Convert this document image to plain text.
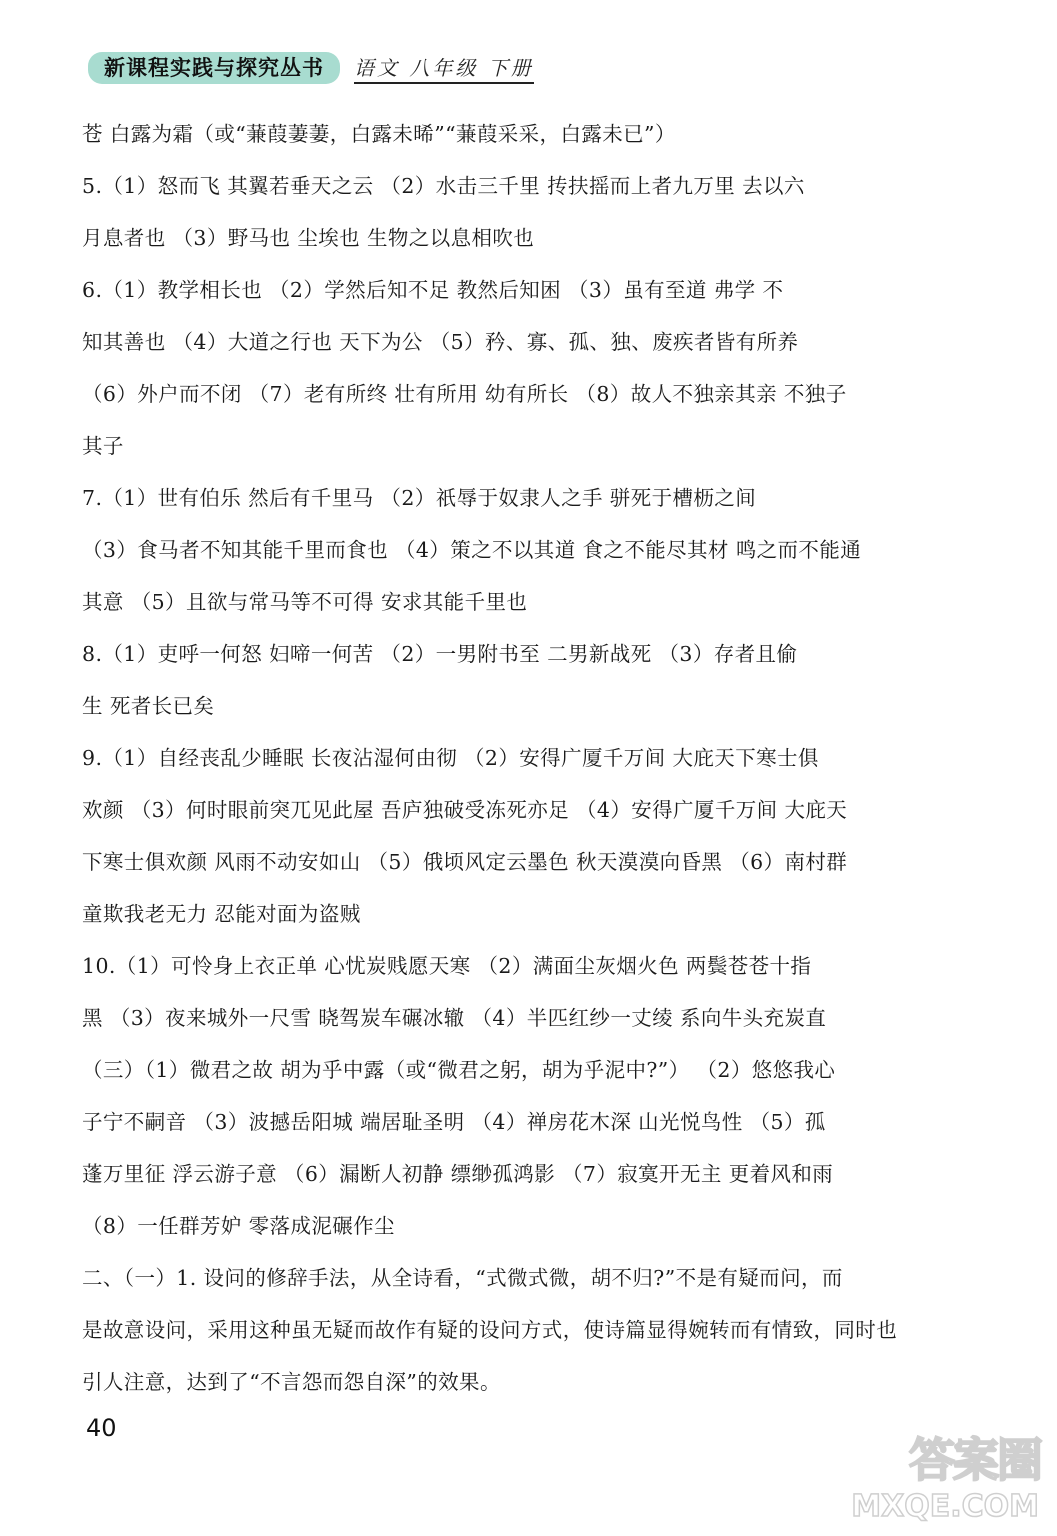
新课程实践与探究丛书	语文 八年级 下册
苍 白露为霜（或“蒹葭萋萋，白露未晞”“蒹葭采采，白露未已”）
5.（1）怒而飞 其翼若垂天之云 （2）水击三千里 抟扶摇而上者九万里 去以六
月息者也 （3）野马也 尘埃也 生物之以息相吹也
6.（1）教学相长也 （2）学然后知不足 教然后知困 （3）虽有至道 弗学 不
知其善也 （4）大道之行也 天下为公 （5）矜、寡、孤、独、废疾者皆有所养
（6）外户而不闭 （7）老有所终 壮有所用 幼有所长 （8）故人不独亲其亲 不独子
其子
7.（1）世有伯乐 然后有千里马 （2）祇辱于奴隶人之手 骈死于槽枥之间
（3）食马者不知其能千里而食也 （4）策之不以其道 食之不能尽其材 鸣之而不能通
其意 （5）且欲与常马等不可得 安求其能千里也
8.（1）吏呼一何怒 妇啼一何苦 （2）一男附书至 二男新战死 （3）存者且偷
生 死者长已矣
9.（1）自经丧乱少睡眠 长夜沾湿何由彻 （2）安得广厦千万间 大庇天下寒士俱
欢颜 （3）何时眼前突兀见此屋 吾庐独破受冻死亦足 （4）安得广厦千万间 大庇天
下寒士俱欢颜 风雨不动安如山 （5）俄顷风定云墨色 秋天漠漠向昏黑 （6）南村群
童欺我老无力 忍能对面为盗贼
10.（1）可怜身上衣正单 心忧炭贱愿天寒 （2）满面尘灰烟火色 两鬓苍苍十指
黑 （3）夜来城外一尺雪 晓驾炭车碾冰辙 （4）半匹红纱一丈绫 系向牛头充炭直
（三）（1）微君之故 胡为乎中露（或“微君之躬，胡为乎泥中?”） （2）悠悠我心
子宁不嗣音 （3）波撼岳阳城 端居耻圣明 （4）禅房花木深 山光悦鸟性 （5）孤
蓬万里征 浮云游子意 （6）漏断人初静 缥缈孤鸿影 （7）寂寞开无主 更着风和雨
（8）一任群芳妒 零落成泥碾作尘
二、（一）1. 设问的修辞手法，从全诗看，“式微式微，胡不归?”不是有疑而问，而
是故意设问，采用这种虽无疑而故作有疑的设问方式，使诗篇显得婉转而有情致，同时也
引人注意，达到了“不言怨而怨自深”的效果。
40
答案圈
MXQE.COM
